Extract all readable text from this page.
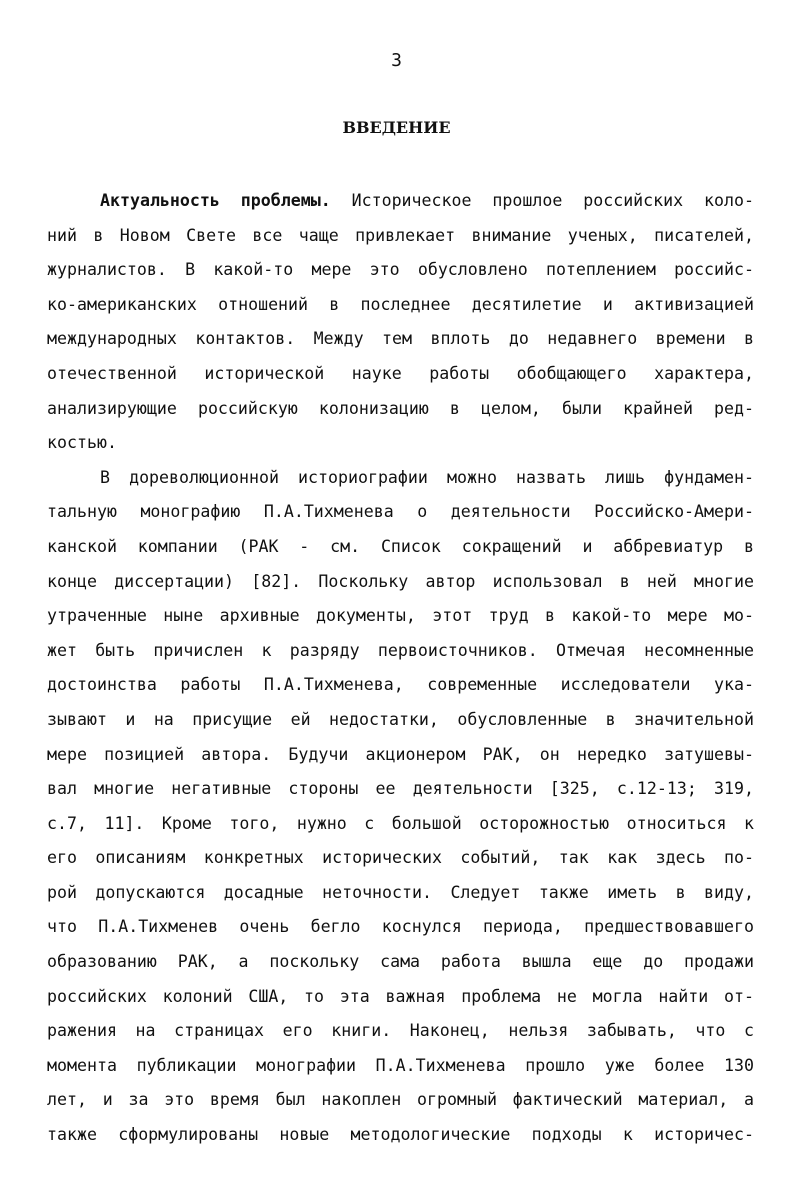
3
ВВЕДЕНИЕ
Актуальность проблемы. Историческое прошлое российских коло-
ний в Новом Свете все чаще привлекает внимание ученых, писателей,
журналистов. В какой-то мере это обусловлено потеплением российс-
ко-американских отношений в последнее десятилетие и активизацией
международных контактов. Между тем вплоть до недавнего времени в
отечественной исторической науке работы обобщающего характера,
анализирующие российскую колонизацию в целом, были крайней ред-
костью.
В дореволюционной историографии можно назвать лишь фундамен-
тальную монографию П.А.Тихменева о деятельности Российско-Амери-
канской компании (РАК - см. Список сокращений и аббревиатур в
конце диссертации) [82]. Поскольку автор использовал в ней многие
утраченные ныне архивные документы, этот труд в какой-то мере мо-
жет быть причислен к разряду первоисточников. Отмечая несомненные
достоинства работы П.А.Тихменева, современные исследователи ука-
зывают и на присущие ей недостатки, обусловленные в значительной
мере позицией автора. Будучи акционером РАК, он нередко затушевы-
вал многие негативные стороны ее деятельности [325, с.12-13; 319,
с.7, 11]. Кроме того, нужно с большой осторожностью относиться к
его описаниям конкретных исторических событий, так как здесь по-
рой допускаются досадные неточности. Следует также иметь в виду,
что П.А.Тихменев очень бегло коснулся периода, предшествовавшего
образованию РАК, а поскольку сама работа вышла еще до продажи
российских колоний США, то эта важная проблема не могла найти от-
ражения на страницах его книги. Наконец, нельзя забывать, что с
момента публикации монографии П.А.Тихменева прошло уже более 130
лет, и за это время был накоплен огромный фактический материал, а
также сформулированы новые методологические подходы к историчес-
